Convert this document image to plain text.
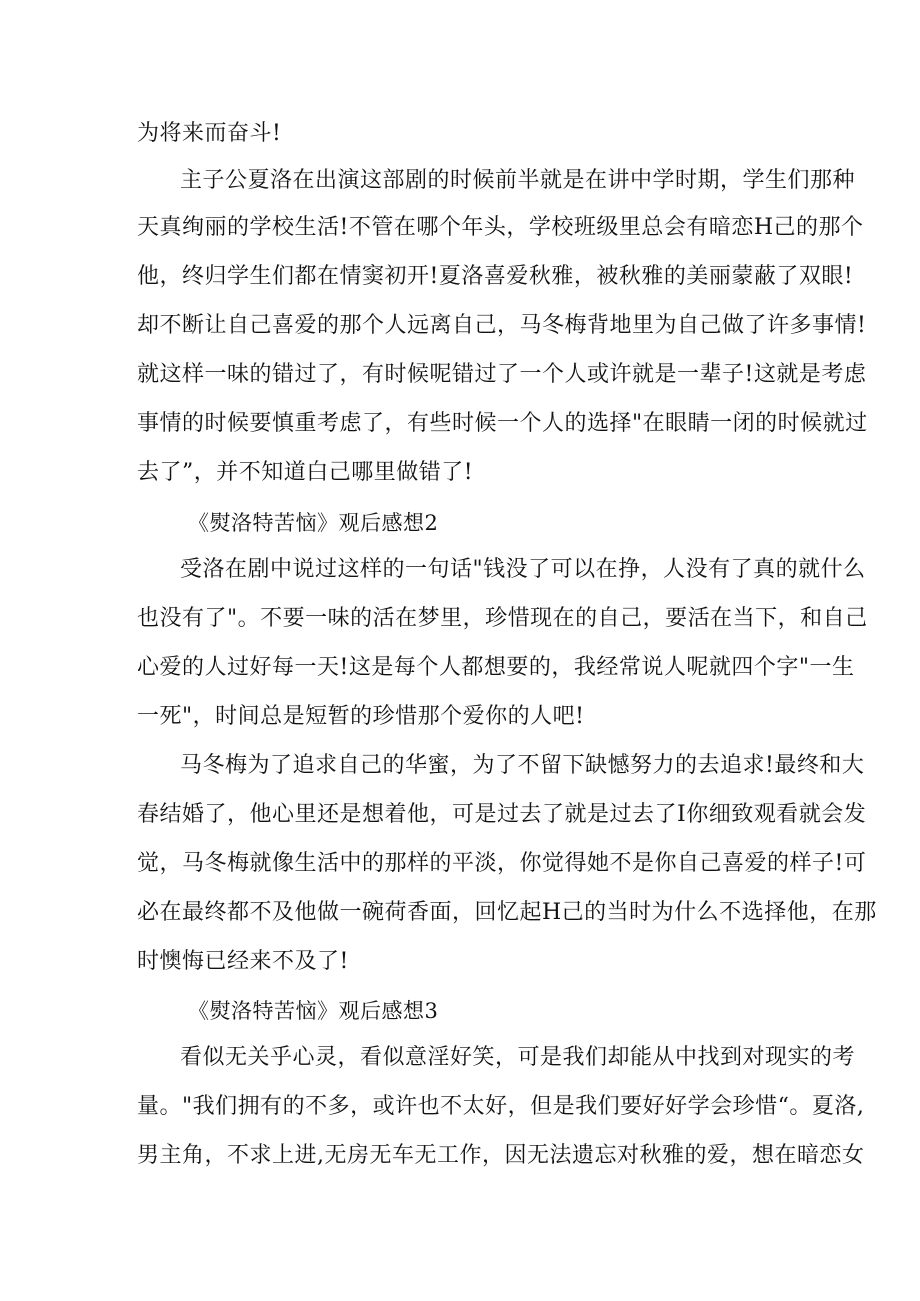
为将来而奋斗!
主子公夏洛在出演这部剧的时候前半就是在讲中学时期，学生们那种
天真绚丽的学校生活!不管在哪个年头，学校班级里总会有暗恋H己的那个
他，终归学生们都在情窦初开!夏洛喜爱秋雅，被秋雅的美丽蒙蔽了双眼!
却不断让自己喜爱的那个人远离自己，马冬梅背地里为自己做了许多事情!
就这样一味的错过了，有时候呢错过了一个人或许就是一辈子!这就是考虑
事情的时候要慎重考虑了，有些时候一个人的选择"在眼睛一闭的时候就过
去了”，并不知道白己哪里做错了!
《熨洛特苦恼》观后感想2
受洛在剧中说过这样的一句话"钱没了可以在挣，人没有了真的就什么
也没有了"。不要一味的活在梦里，珍惜现在的自己，要活在当下，和自己
心爱的人过好每一天!这是每个人都想要的，我经常说人呢就四个字"一生
一死"，时间总是短暂的珍惜那个爱你的人吧!
马冬梅为了追求自己的华蜜，为了不留下缺憾努力的去追求!最终和大
春结婚了，他心里还是想着他，可是过去了就是过去了I你细致观看就会发
觉，马冬梅就像生活中的那样的平淡，你觉得她不是你自己喜爱的样子!可
必在最终都不及他做一碗荷香面，回忆起H己的当时为什么不选择他，在那
时懊悔已经来不及了!
《熨洛特苦恼》观后感想3
看似无关乎心灵，看似意淫好笑，可是我们却能从中找到对现实的考
量。"我们拥有的不多，或许也不太好，但是我们要好好学会珍惜“。夏洛,
男主角，不求上进,无房无车无工作，因无法遗忘对秋雅的爱，想在暗恋女
